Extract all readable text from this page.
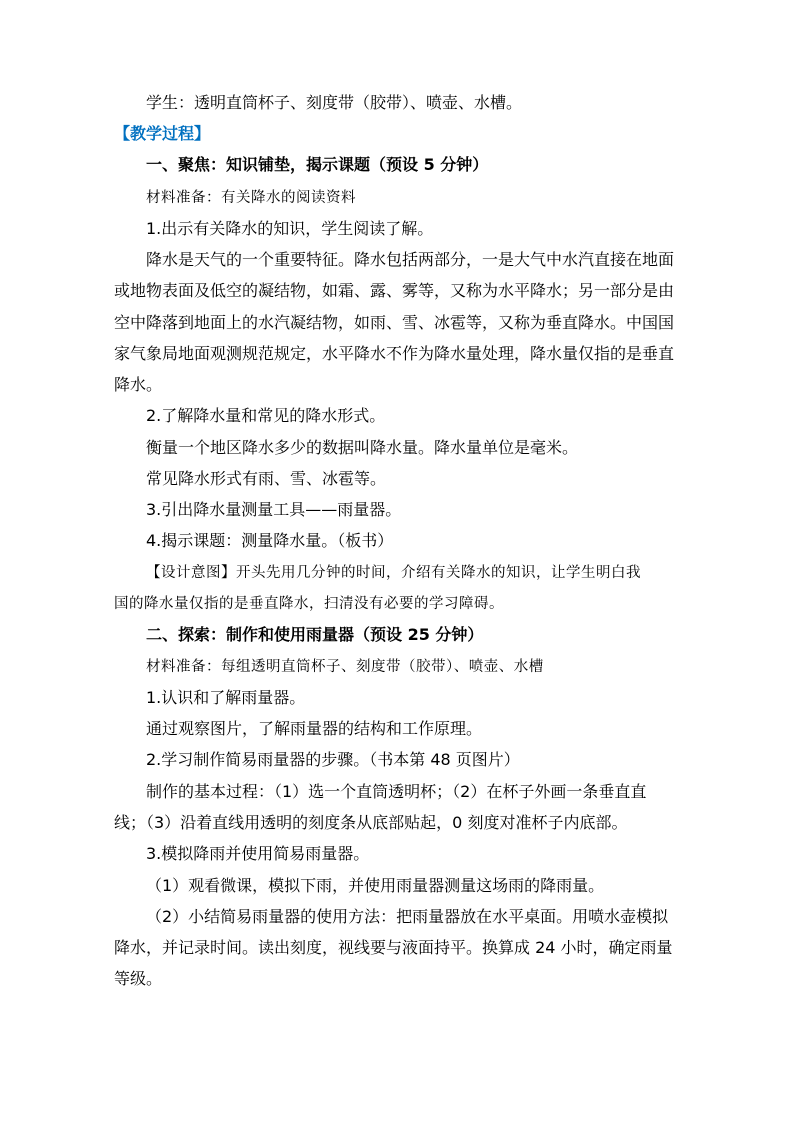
学生：透明直筒杯子、刻度带（胶带）、喷壶、水槽。
【教学过程】
一、聚焦：知识铺垫，揭示课题（预设 5 分钟）
材料准备：有关降水的阅读资料
1.出示有关降水的知识，学生阅读了解。
降水是天气的一个重要特征。降水包括两部分，一是大气中水汽直接在地面
或地物表面及低空的凝结物，如霜、露、雾等，又称为水平降水；另一部分是由
空中降落到地面上的水汽凝结物，如雨、雪、冰雹等，又称为垂直降水。中国国
家气象局地面观测规范规定，水平降水不作为降水量处理，降水量仅指的是垂直
降水。
2.了解降水量和常见的降水形式。
衡量一个地区降水多少的数据叫降水量。降水量单位是毫米。
常见降水形式有雨、雪、冰雹等。
3.引出降水量测量工具——雨量器。
4.揭示课题：测量降水量。（板书）
【设计意图】开头先用几分钟的时间，介绍有关降水的知识，让学生明白我
国的降水量仅指的是垂直降水，扫清没有必要的学习障碍。
二、探索：制作和使用雨量器（预设 25 分钟）
材料准备：每组透明直筒杯子、刻度带（胶带）、喷壶、水槽
1.认识和了解雨量器。
通过观察图片，了解雨量器的结构和工作原理。
2.学习制作简易雨量器的步骤。（书本第 48 页图片）
制作的基本过程：（1）选一个直筒透明杯；（2）在杯子外画一条垂直直
线；（3）沿着直线用透明的刻度条从底部贴起，0 刻度对准杯子内底部。
3.模拟降雨并使用简易雨量器。
（1）观看微课，模拟下雨，并使用雨量器测量这场雨的降雨量。
（2）小结简易雨量器的使用方法：把雨量器放在水平桌面。用喷水壶模拟
降水，并记录时间。读出刻度，视线要与液面持平。换算成 24 小时，确定雨量
等级。
